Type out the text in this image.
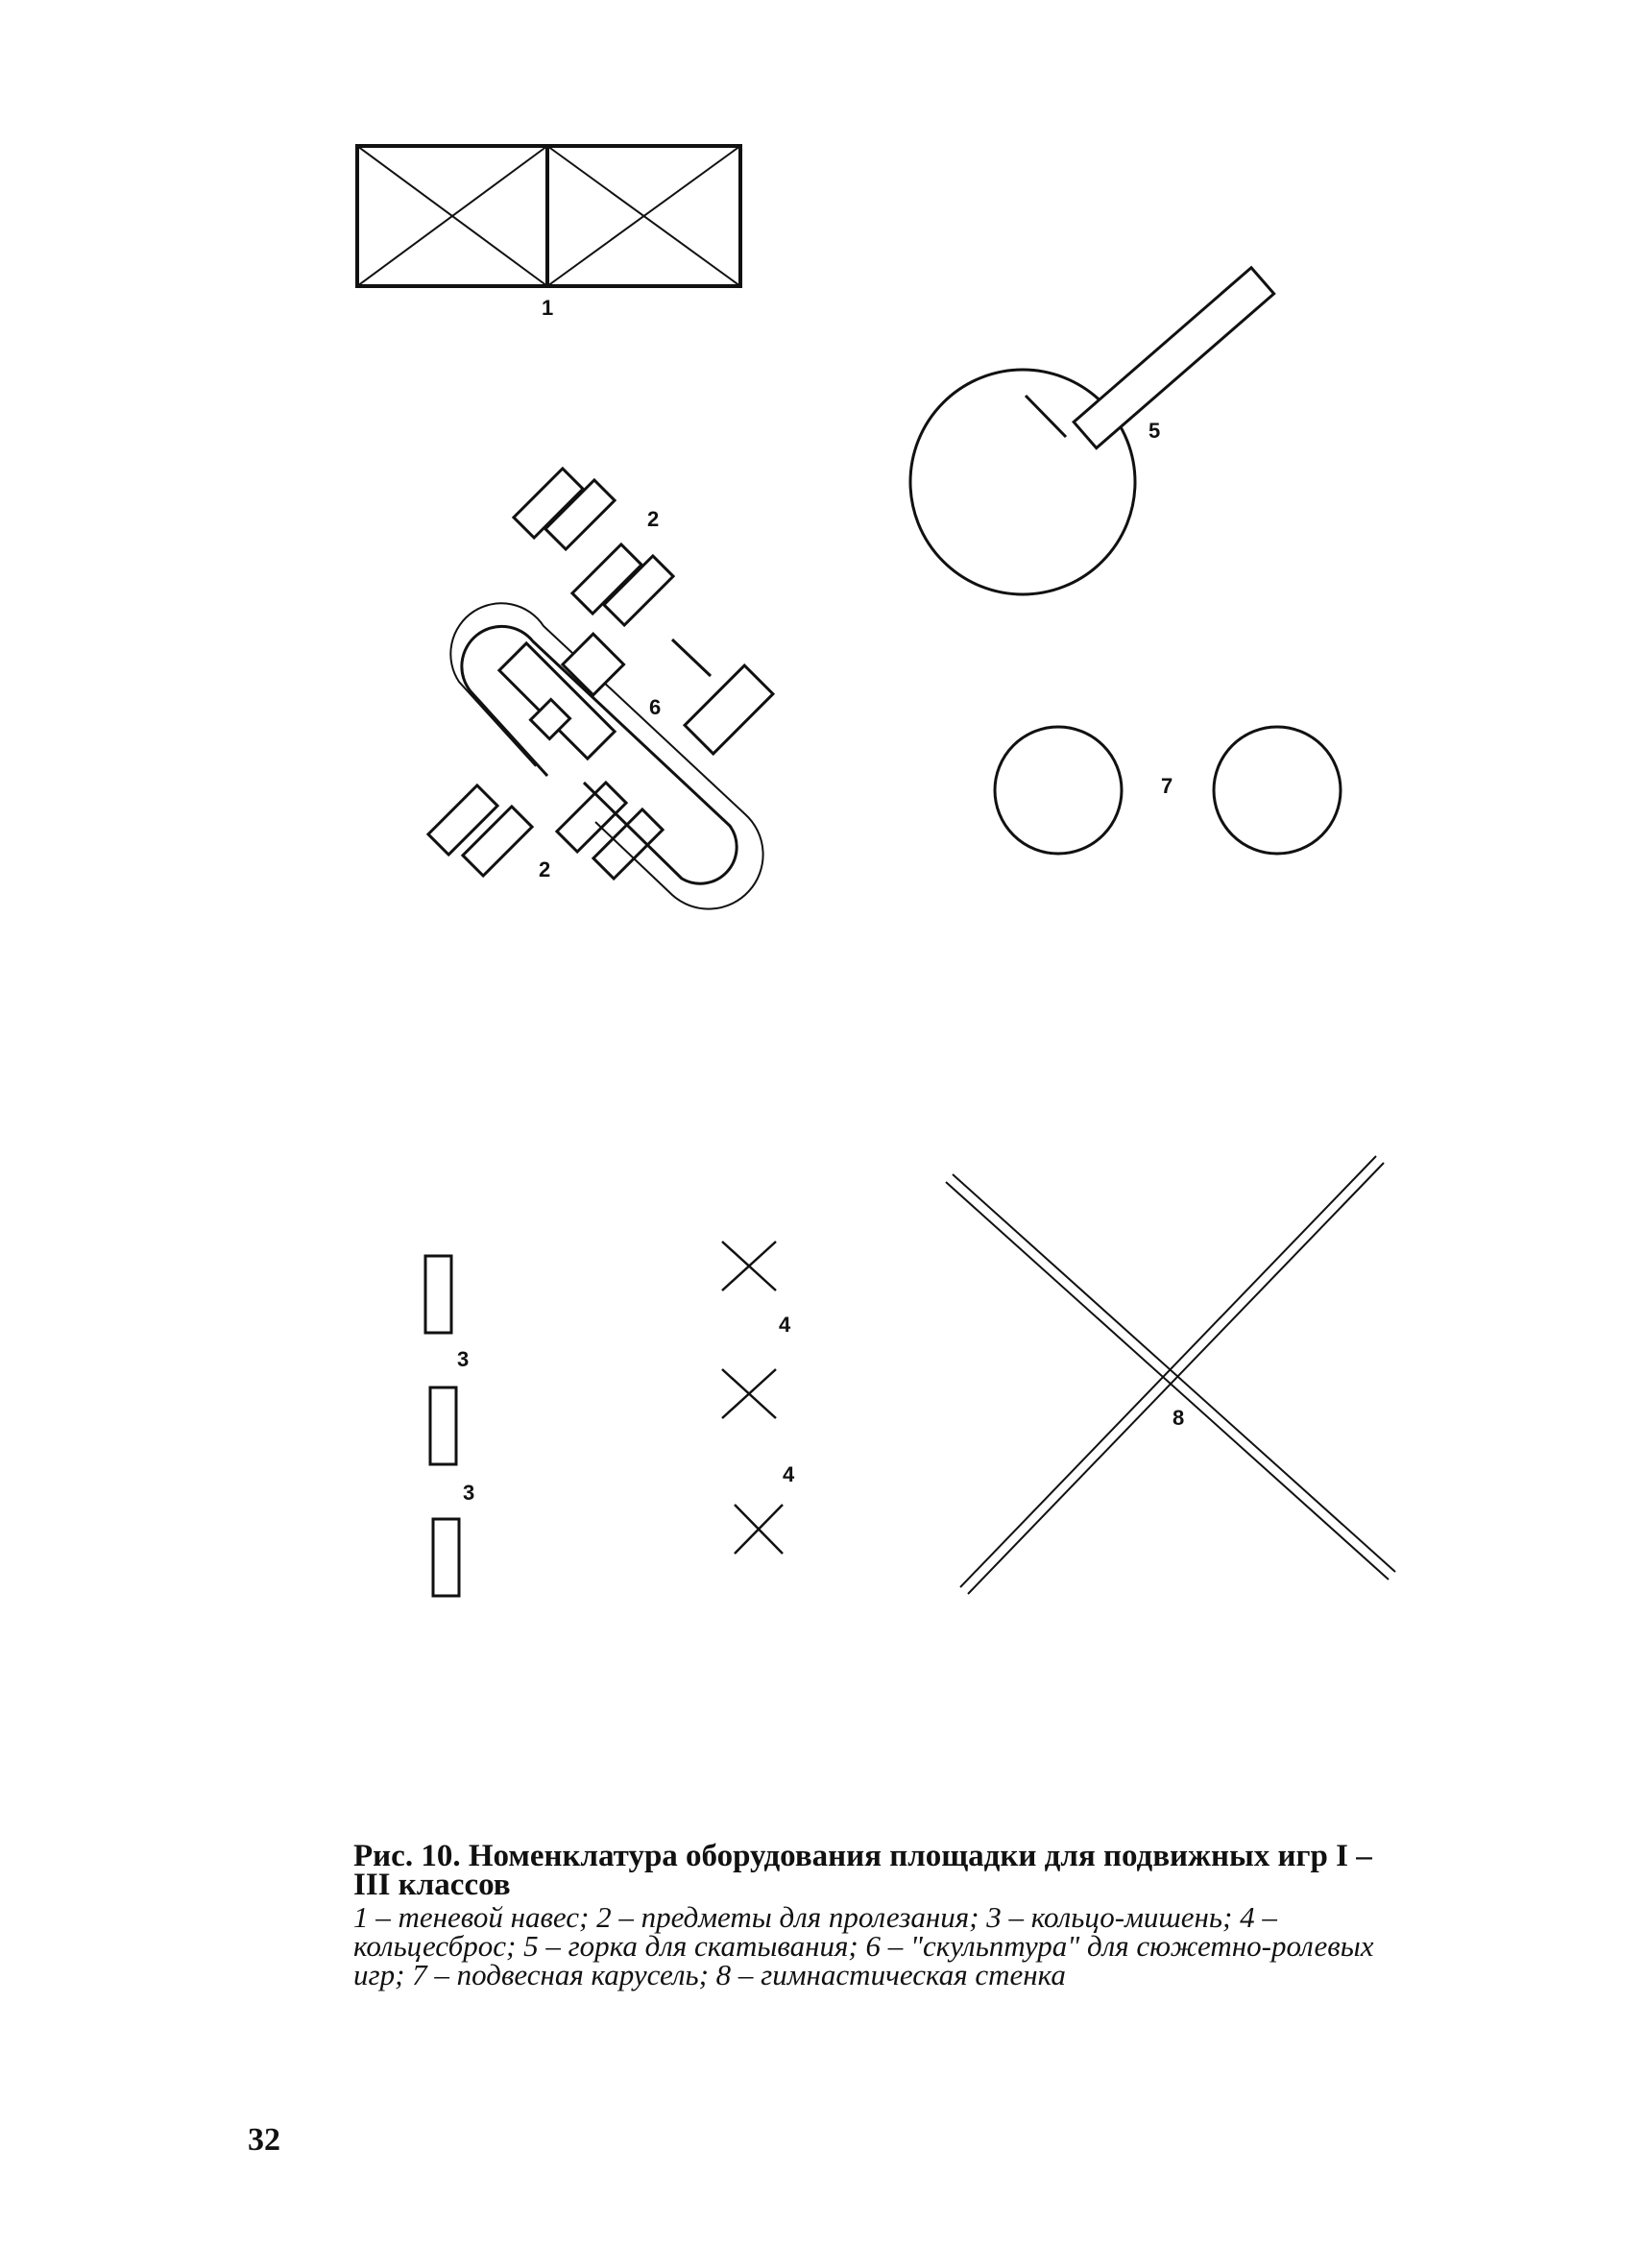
1
5
2
6
7
2
4
3
8
4
3

Рис. 10. Номенклатура оборудования площадки для подвижных игр I – III классов

1 – теневой навес; 2 – предметы для пролезания; 3 – кольцо-мишень; 4 – кольцесброс; 5 – горка для скатывания; 6 – "скульптура" для сюжетно-ролевых игр; 7 – подвесная карусель; 8 – гимнастическая стенка

32
